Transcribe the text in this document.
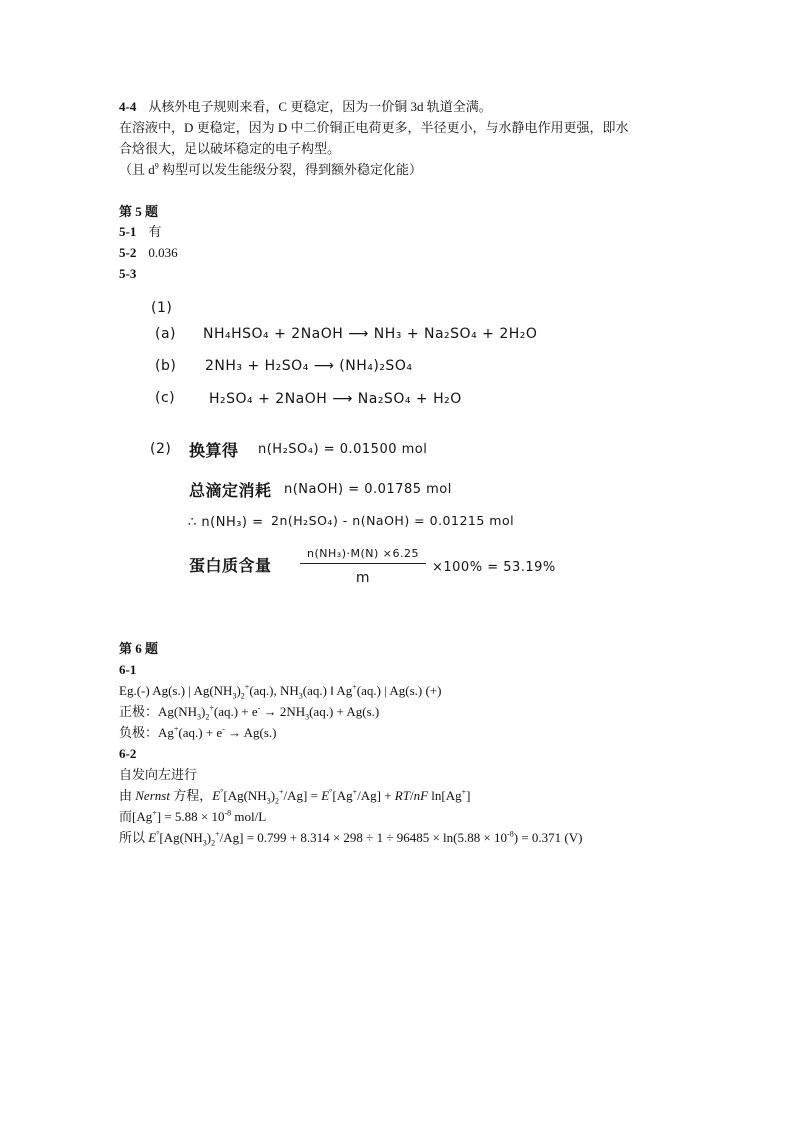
4-4 从核外电子规则来看，C 更稳定，因为一价铜 3d 轨道全满。
在溶液中，D 更稳定，因为 D 中二价铜正电荷更多，半径更小，与水静电作用更强，即水
合焓很大，足以破坏稳定的电子构型。
（且 $d^9$ 构型可以发生能级分裂，得到额外稳定化能）
第 5 题
5-1 有
5-2 0.036
5-3
(1)
(a) NH₄HSO₄ + 2NaOH ⟶ NH₃ + Na₂SO₄ + 2H₂O
(b) 2NH₃ + H₂SO₄ ⟶ (NH₄)₂SO₄
(c) H₂SO₄ + 2NaOH ⟶ Na₂SO₄ + H₂O
(2) 换算得 n(H₂SO₄) = 0.01500 mol
总滴定消耗 n(NaOH) = 0.01785 mol
∴ n(NH₃) = 2n(H₂SO₄) - n(NaOH) = 0.01215 mol
蛋白质含量
n(NH₃)·M(N) ×6.25
m
×100% = 53.19%
第 6 题
6-1
Eg.(-) Ag(s.) | $Ag(NH_3)_2^+(aq.)$, $NH_3(aq.)$ ‖ Ag+(aq.) | Ag(s.) (+)
正极：$Ag(NH_3)_2^+(aq.) + e^- \to 2NH_3(aq.) + Ag(s.)$
负极：Ag+(aq.) + e- → Ag(s.)
6-2
自发向左进行
由 Nernst 方程，$E^\circ[Ag(NH_3)_2^+/Ag] = E^\circ[Ag^+/Ag] + RT/nF$ ln[Ag+]
而$[Ag^+] = 5.88 \times 10^{-8}$ mol/L
所以 $E^\circ[Ag(NH_3)_2^+/Ag] = 0.799 + 8.314 \times 298 \div 1 \div 96485 \times \ln(5.88 \times 10^{-8}) = 0.371$ (V)
